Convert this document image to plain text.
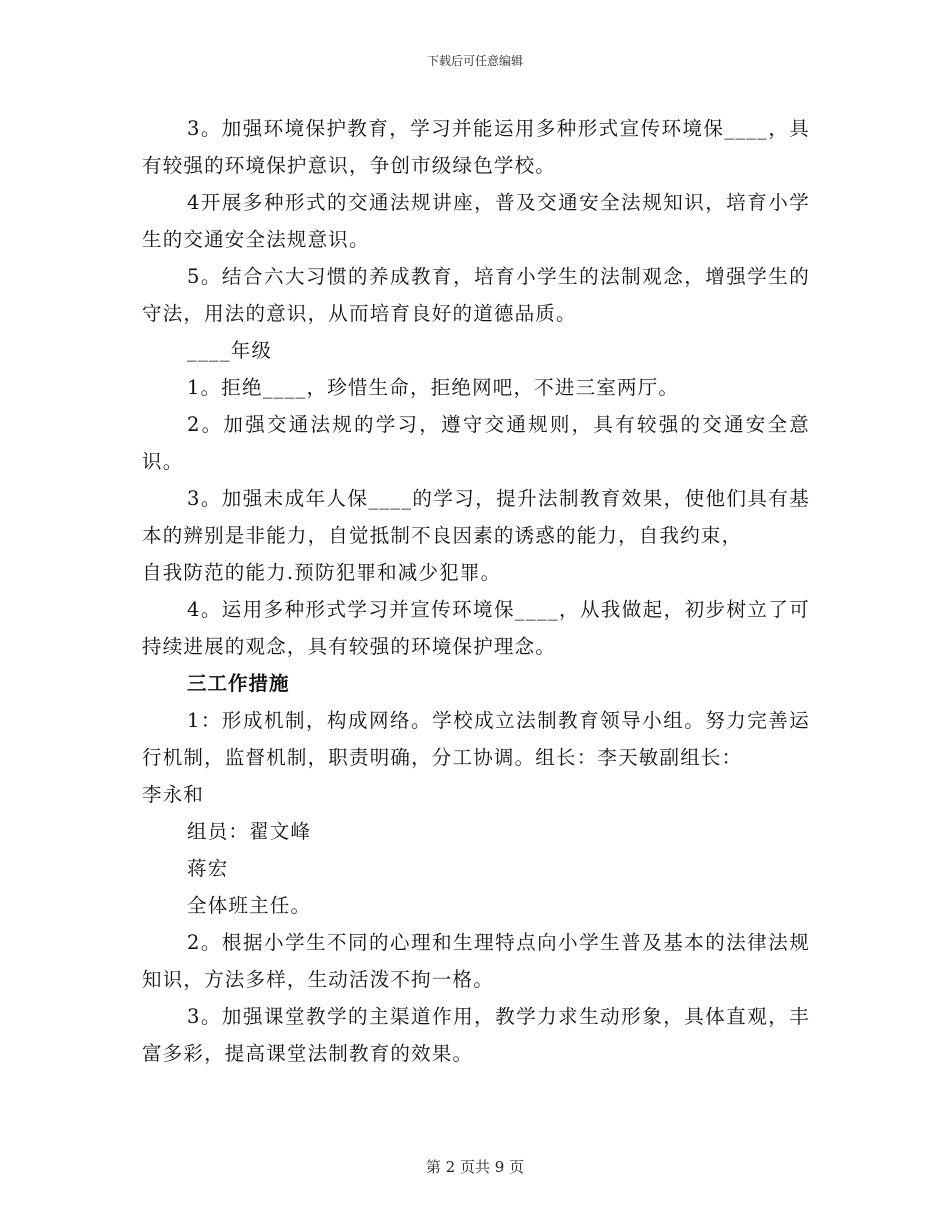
下载后可任意编辑

3。加强环境保护教育，学习并能运用多种形式宣传环境保____，具有较强的环境保护意识，争创市级绿色学校。

4开展多种形式的交通法规讲座，普及交通安全法规知识，培育小学生的交通安全法规意识。

5。结合六大习惯的养成教育，培育小学生的法制观念，增强学生的守法，用法的意识，从而培育良好的道德品质。

____年级

1。拒绝____，珍惜生命，拒绝网吧，不进三室两厅。

2。加强交通法规的学习，遵守交通规则，具有较强的交通安全意识。

3。加强未成年人保____的学习，提升法制教育效果，使他们具有基本的辨别是非能力，自觉抵制不良因素的诱惑的能力，自我约束，

自我防范的能力.预防犯罪和减少犯罪。

4。运用多种形式学习并宣传环境保____，从我做起，初步树立了可持续进展的观念，具有较强的环境保护理念。

三工作措施

1：形成机制，构成网络。学校成立法制教育领导小组。努力完善运行机制，监督机制，职责明确，分工协调。组长：李天敏副组长：

李永和

组员：翟文峰

蒋宏

全体班主任。

2。根据小学生不同的心理和生理特点向小学生普及基本的法律法规知识，方法多样，生动活泼不拘一格。

3。加强课堂教学的主渠道作用，教学力求生动形象，具体直观，丰富多彩，提高课堂法制教育的效果。

第 2 页共 9 页
